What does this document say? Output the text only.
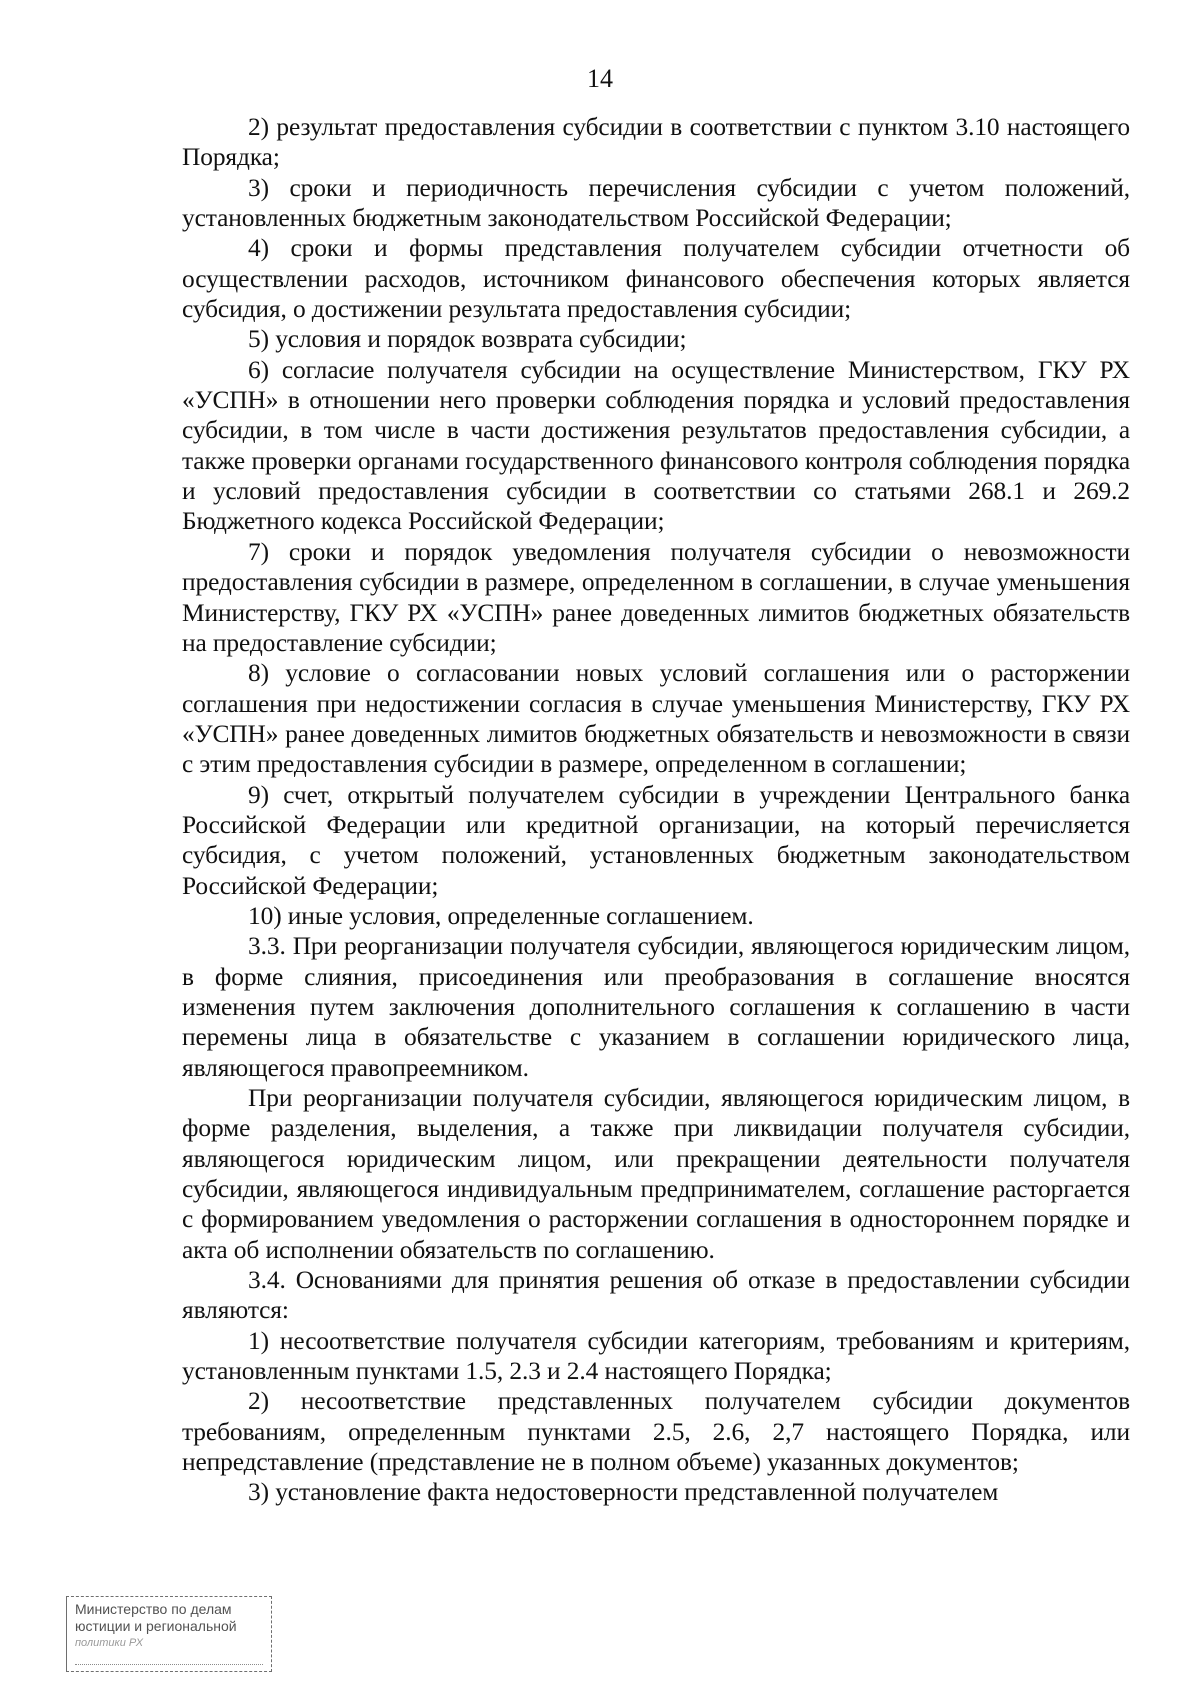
14

2) результат предоставления субсидии в соответствии с пунктом 3.10 настоящего Порядка;

3) сроки и периодичность перечисления субсидии с учетом положений, установленных бюджетным законодательством Российской Федерации;

4) сроки и формы представления получателем субсидии отчетности об осуществлении расходов, источником финансового обеспечения которых является субсидия, о достижении результата предоставления субсидии;

5) условия и порядок возврата субсидии;

6) согласие получателя субсидии на осуществление Министерством, ГКУ РХ «УСПН» в отношении него проверки соблюдения порядка и условий предоставления субсидии, в том числе в части достижения результатов предоставления субсидии, а также проверки органами государственного финансового контроля соблюдения порядка и условий предоставления субсидии в соответствии со статьями 268.1 и 269.2 Бюджетного кодекса Российской Федерации;

7) сроки и порядок уведомления получателя субсидии о невозможности предоставления субсидии в размере, определенном в соглашении, в случае уменьшения Министерству, ГКУ РХ «УСПН» ранее доведенных лимитов бюджетных обязательств на предоставление субсидии;

8) условие о согласовании новых условий соглашения или о расторжении соглашения при недостижении согласия в случае уменьшения Министерству, ГКУ РХ «УСПН» ранее доведенных лимитов бюджетных обязательств и невозможности в связи с этим предоставления субсидии в размере, определенном в соглашении;

9) счет, открытый получателем субсидии в учреждении Центрального банка Российской Федерации или кредитной организации, на который перечисляется субсидия, с учетом положений, установленных бюджетным законодательством Российской Федерации;

10) иные условия, определенные соглашением.

3.3. При реорганизации получателя субсидии, являющегося юридическим лицом, в форме слияния, присоединения или преобразования в соглашение вносятся изменения путем заключения дополнительного соглашения к соглашению в части перемены лица в обязательстве с указанием в соглашении юридического лица, являющегося правопреемником.

При реорганизации получателя субсидии, являющегося юридическим лицом, в форме разделения, выделения, а также при ликвидации получателя субсидии, являющегося юридическим лицом, или прекращении деятельности получателя субсидии, являющегося индивидуальным предпринимателем, соглашение расторгается с формированием уведомления о расторжении соглашения в одностороннем порядке и акта об исполнении обязательств по соглашению.

3.4. Основаниями для принятия решения об отказе в предоставлении субсидии являются:

1) несоответствие получателя субсидии категориям, требованиям и критериям, установленным пунктами 1.5, 2.3 и 2.4 настоящего Порядка;

2) несоответствие представленных получателем субсидии документов требованиям, определенным пунктами 2.5, 2.6, 2,7 настоящего Порядка, или непредставление (представление не в полном объеме) указанных документов;

3) установление факта недостоверности представленной получателем

Министерство по делам
юстиции и региональной
политики РХ
